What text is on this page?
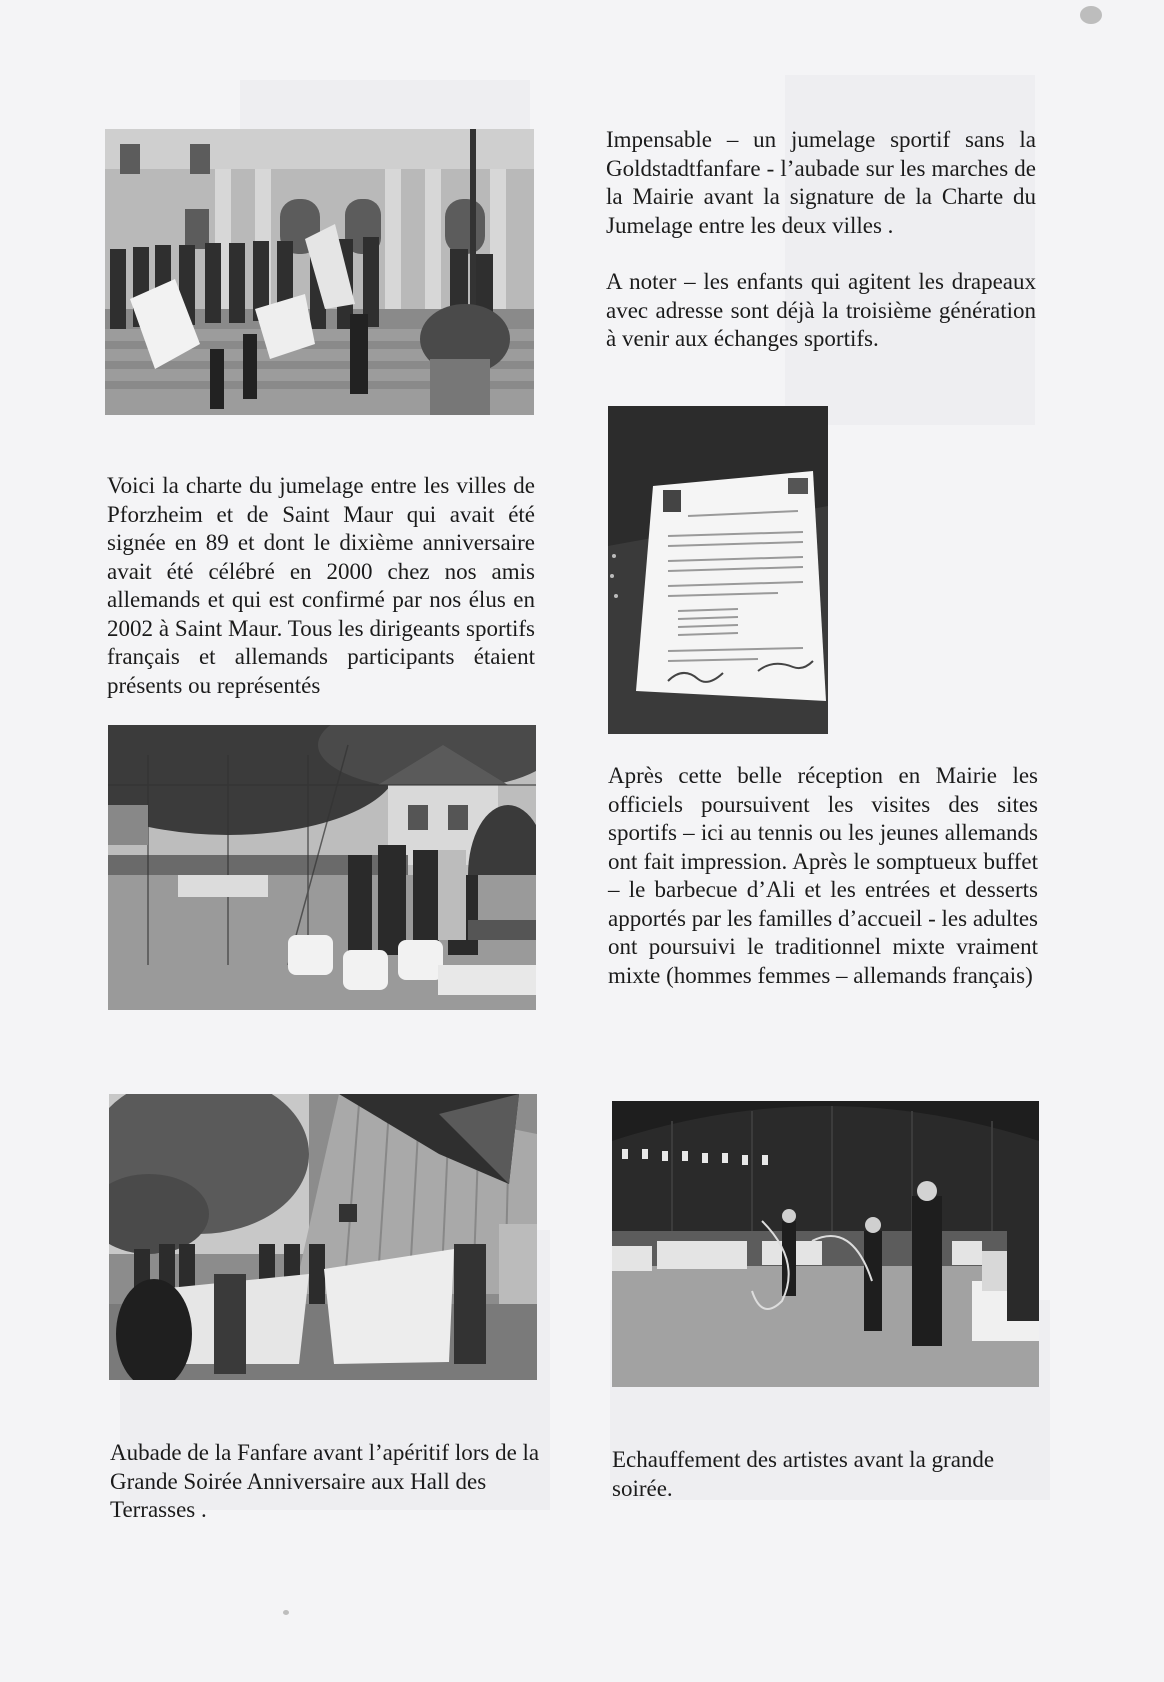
Impensable – un jumelage sportif sans la Goldstadtfanfare - l’aubade sur les marches de la Mairie avant la signature de la Charte du Jumelage entre les deux villes .

A noter – les enfants qui agitent les drapeaux avec adresse sont déjà la troisième génération à venir aux échanges sportifs.

Voici la charte du jumelage entre les villes de Pforzheim et de Saint Maur qui avait été signée en 89 et dont le dixième anniversaire avait été célébré en 2000 chez nos amis allemands et qui est confirmé par nos élus en 2002 à Saint Maur. Tous les dirigeants sportifs français et allemands participants étaient présents ou représentés

Après cette belle réception en Mairie les officiels poursuivent les visites des sites sportifs – ici au tennis ou les jeunes allemands ont fait impression. Après le somptueux buffet – le barbecue d’Ali et les entrées et desserts apportés par les familles d’accueil - les adultes ont poursuivi le traditionnel mixte vraiment mixte (hommes femmes – allemands français)

Aubade de la Fanfare avant l’apéritif lors de la Grande Soirée Anniversaire aux Hall des Terrasses .

Echauffement des artistes avant la grande soirée.
